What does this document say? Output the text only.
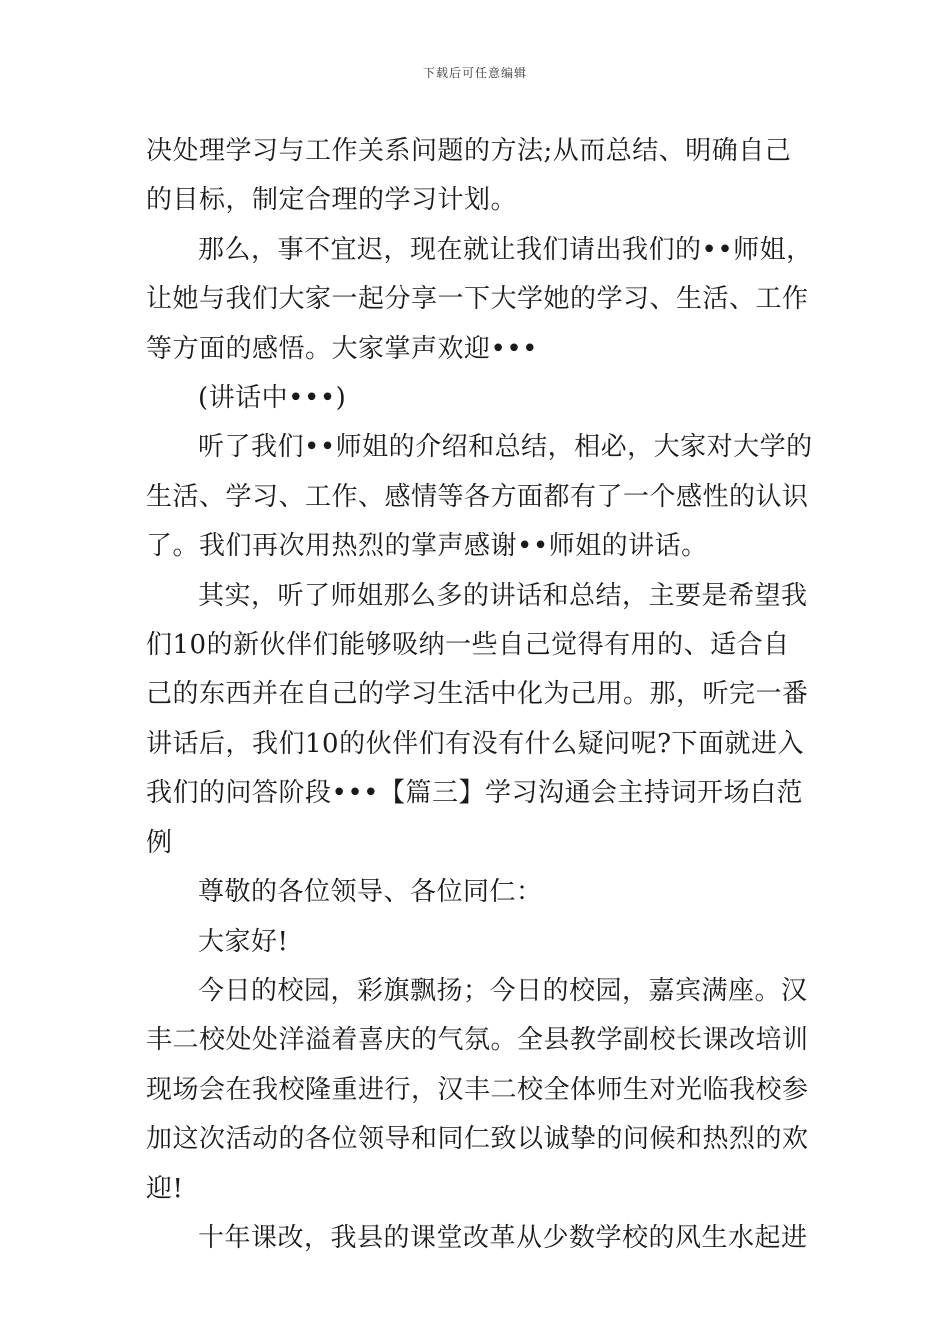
下载后可任意编辑

决处理学习与工作关系问题的方法;从而总结、明确自己的目标，制定合理的学习计划。

那么，事不宜迟，现在就让我们请出我们的••师姐，让她与我们大家一起分享一下大学她的学习、生活、工作等方面的感悟。大家掌声欢迎•••

(讲话中•••)

听了我们••师姐的介绍和总结，相必，大家对大学的生活、学习、工作、感情等各方面都有了一个感性的认识了。我们再次用热烈的掌声感谢••师姐的讲话。

其实，听了师姐那么多的讲话和总结，主要是希望我们10的新伙伴们能够吸纳一些自己觉得有用的、适合自己的东西并在自己的学习生活中化为己用。那，听完一番讲话后，我们10的伙伴们有没有什么疑问呢?下面就进入我们的问答阶段•••【篇三】学习沟通会主持词开场白范例

尊敬的各位领导、各位同仁：

大家好!

今日的校园，彩旗飘扬；今日的校园，嘉宾满座。汉丰二校处处洋溢着喜庆的气氛。全县教学副校长课改培训现场会在我校隆重进行，汉丰二校全体师生对光临我校参加这次活动的各位领导和同仁致以诚挚的问候和热烈的欢迎!

十年课改，我县的课堂改革从少数学校的风生水起进
